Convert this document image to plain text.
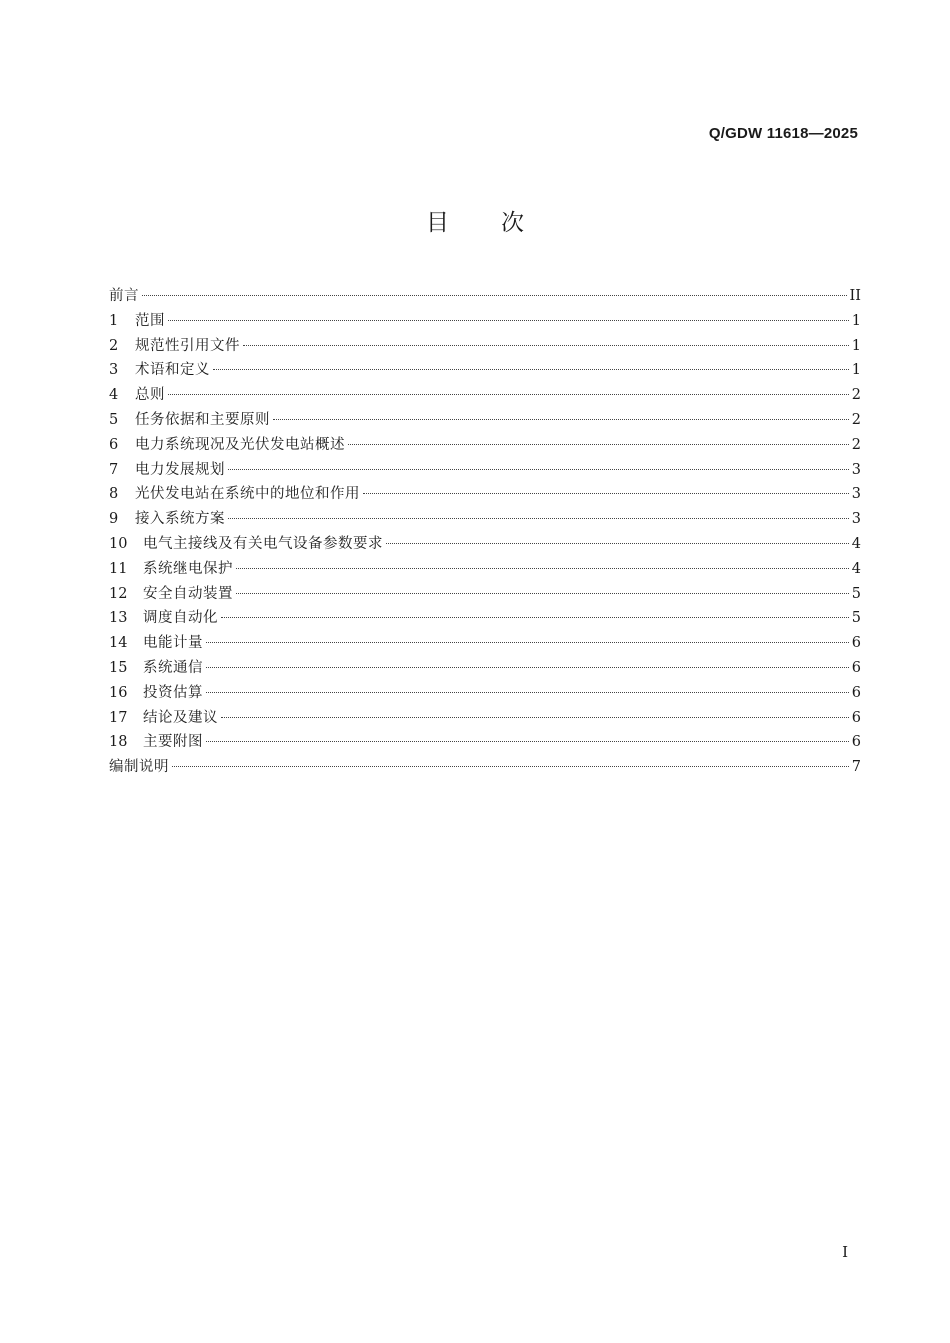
Q/GDW 11618—2025
目 次
前言	II
1	范围	1
2	规范性引用文件	1
3	术语和定义	1
4	总则	2
5	任务依据和主要原则	2
6	电力系统现况及光伏发电站概述	2
7	电力发展规划	3
8	光伏发电站在系统中的地位和作用	3
9	接入系统方案	3
10	电气主接线及有关电气设备参数要求	4
11	系统继电保护	4
12	安全自动装置	5
13	调度自动化	5
14	电能计量	6
15	系统通信	6
16	投资估算	6
17	结论及建议	6
18	主要附图	6
编制说明	7
I
